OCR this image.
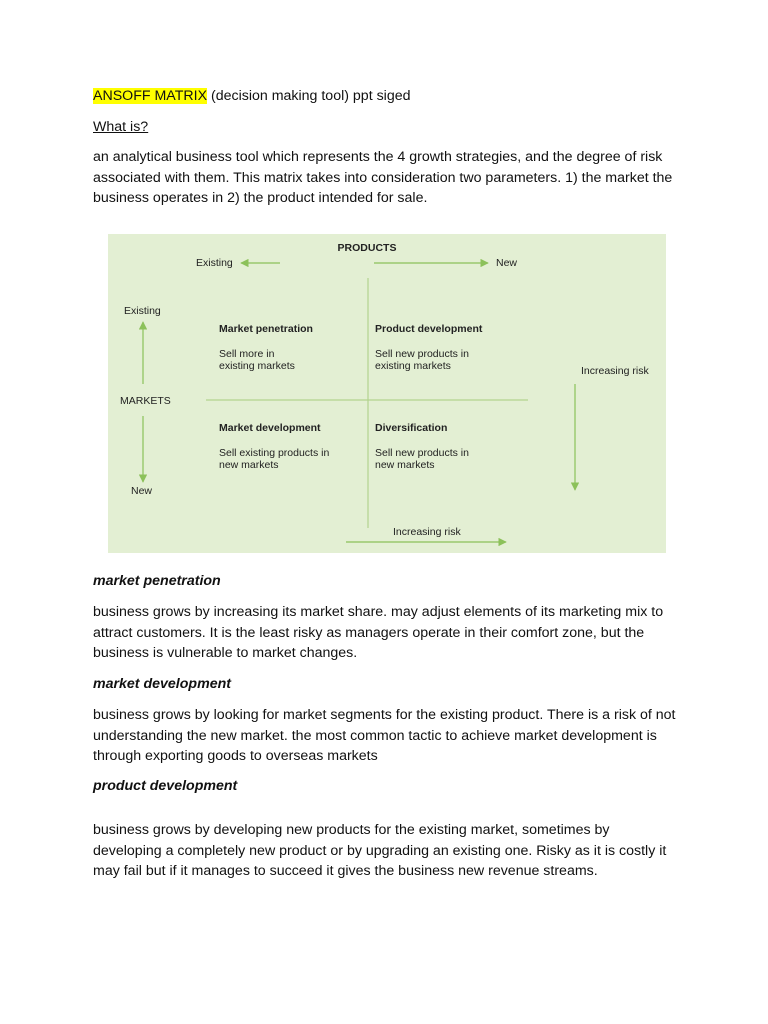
ANSOFF MATRIX (decision making tool) ppt siged

What is?

an analytical business tool which represents the 4 growth strategies, and the degree of risk associated with them. This matrix takes into consideration two parameters. 1) the market the business operates in 2) the product intended for sale.

PRODUCTS
Existing	New
Existing
MARKETS
New
Market penetration
Sell more in
existing markets
Product development
Sell new products in
existing markets
Market development
Sell existing products in
new markets
Diversification
Sell new products in
new markets
Increasing risk
Increasing risk

market penetration

business grows by increasing its market share. may adjust elements of its marketing mix to attract customers. It is the least risky as managers operate in their comfort zone, but the business is vulnerable to market changes.

market development

business grows by looking for market segments for the existing product. There is a risk of not understanding the new market. the most common tactic to achieve market development is through exporting goods to overseas markets

product development

business grows by developing new products for the existing market, sometimes by developing a completely new product or by upgrading an existing one. Risky as it is costly it may fail but if it manages to succeed it gives the business new revenue streams.
